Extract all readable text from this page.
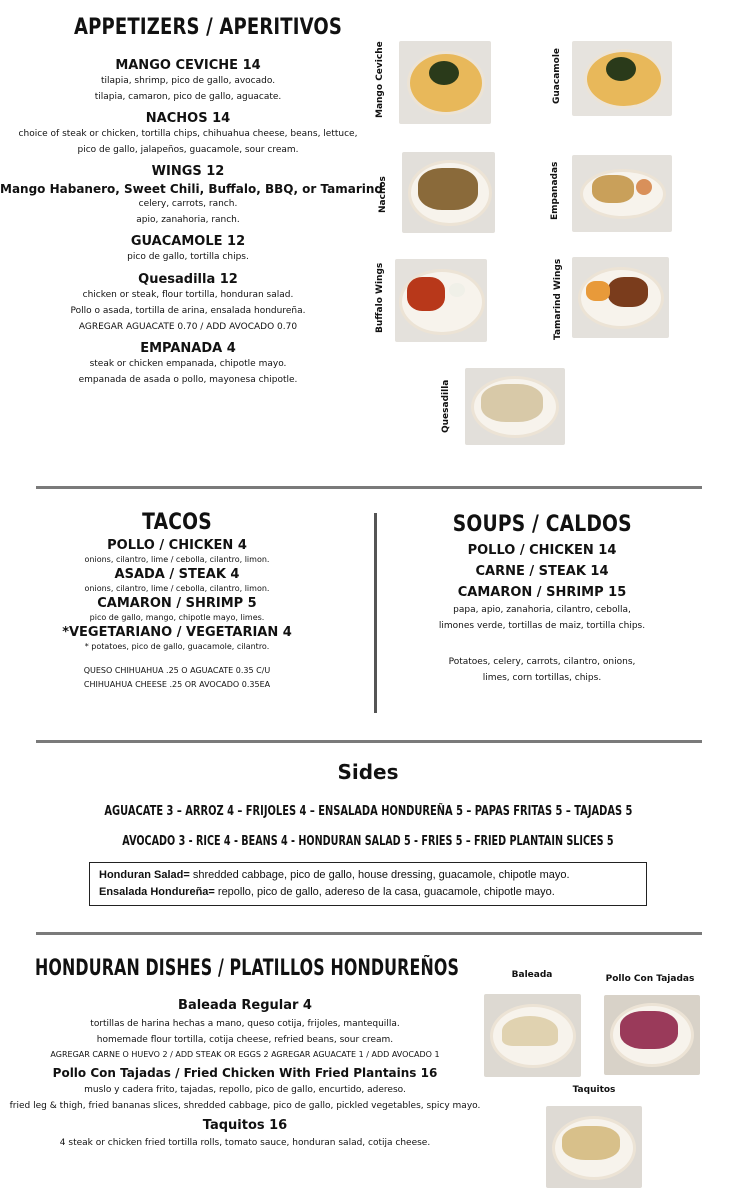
APPETIZERS / APERITIVOS
MANGO CEVICHE 14
tilapia, shrimp, pico de gallo, avocado.
tilapia, camaron, pico de gallo, aguacate.
NACHOS 14
choice of steak or chicken, tortilla chips, chihuahua cheese, beans, lettuce,
pico de gallo, jalapeños, guacamole, sour cream.
WINGS 12
Mango Habanero, Sweet Chili, Buffalo, BBQ, or Tamarind
celery, carrots, ranch.
apio, zanahoria, ranch.
GUACAMOLE 12
pico de gallo, tortilla chips.
Quesadilla 12
chicken or steak, flour tortilla, honduran salad.
Pollo o asada, tortilla de arina, ensalada hondureña.
AGREGAR AGUACATE 0.70 / ADD AVOCADO 0.70
EMPANADA 4
steak or chicken empanada, chipotle mayo.
empanada de asada o pollo, mayonesa chipotle.
Mango Ceviche	Guacamole
Nachos	Empanadas
Buffalo Wings	Tamarind Wings
Quesadilla
TACOS
POLLO / CHICKEN 4
onions, cilantro, lime / cebolla, cilantro, limon.
ASADA / STEAK 4
onions, cilantro, lime / cebolla, cilantro, limon.
CAMARON / SHRIMP 5
pico de gallo, mango, chipotle mayo, limes.
*VEGETARIANO / VEGETARIAN 4
* potatoes, pico de gallo, guacamole, cilantro.
QUESO CHIHUAHUA .25 O AGUACATE 0.35 C/U
CHIHUAHUA CHEESE .25 OR AVOCADO 0.35EA
SOUPS / CALDOS
POLLO / CHICKEN 14
CARNE / STEAK 14
CAMARON / SHRIMP 15
papa, apio, zanahoria, cilantro, cebolla,
limones verde, tortillas de maiz, tortilla chips.
Potatoes, celery, carrots, cilantro, onions,
limes, corn tortillas, chips.
Sides
AGUACATE 3 – ARROZ 4 – FRIJOLES 4 – ENSALADA HONDUREÑA 5 – PAPAS FRITAS 5 – TAJADAS 5
AVOCADO 3 - RICE 4 - BEANS 4 - HONDURAN SALAD 5 - FRIES 5 – FRIED PLANTAIN SLICES 5
Honduran Salad= shredded cabbage, pico de gallo, house dressing, guacamole, chipotle mayo.
Ensalada Hondureña= repollo, pico de gallo, adereso de la casa, guacamole, chipotle mayo.
HONDURAN DISHES / PLATILLOS HONDUREÑOS
Baleada Regular 4
tortillas de harina hechas a mano, queso cotija, frijoles, mantequilla.
homemade flour tortilla, cotija cheese, refried beans, sour cream.
AGREGAR CARNE O HUEVO 2 / ADD STEAK OR EGGS 2 AGREGAR AGUACATE 1 / ADD AVOCADO 1
Pollo Con Tajadas / Fried Chicken With Fried Plantains 16
muslo y cadera frito, tajadas, repollo, pico de gallo, encurtido, adereso.
fried leg & thigh, fried bananas slices, shredded cabbage, pico de gallo, pickled vegetables, spicy mayo.
Taquitos 16
4 steak or chicken fried tortilla rolls, tomato sauce, honduran salad, cotija cheese.
Baleada	Pollo Con Tajadas
Taquitos
